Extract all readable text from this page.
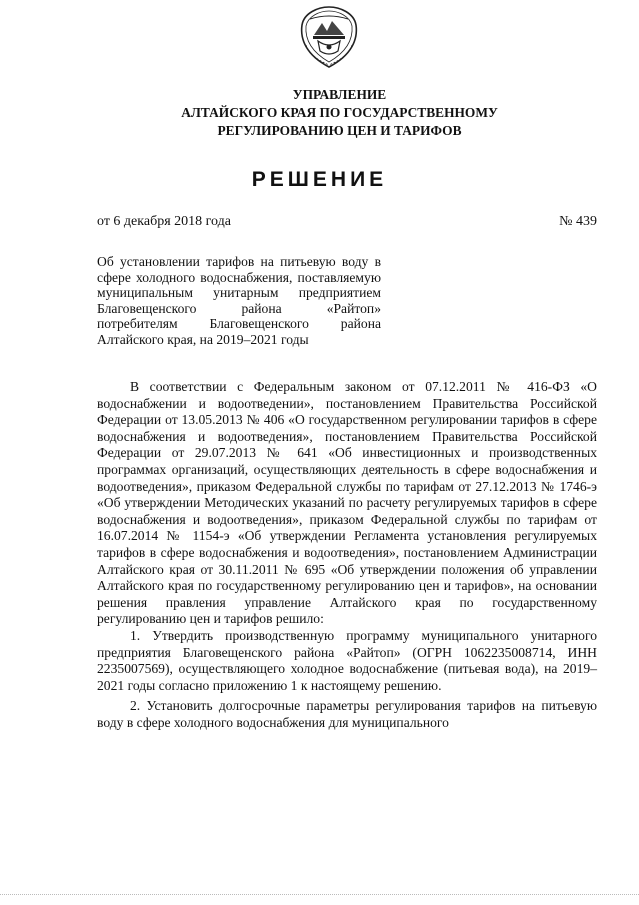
УПРАВЛЕНИЕ
АЛТАЙСКОГО КРАЯ ПО ГОСУДАРСТВЕННОМУ
РЕГУЛИРОВАНИЮ ЦЕН И ТАРИФОВ
РЕШЕНИЕ
от 6 декабря 2018 года	№ 439
Об установлении тарифов на питьевую воду в сфере холодного водоснабжения, поставляемую муниципальным унитарным предприятием Благовещенского района «Райтоп» потребителям Благовещенского района Алтайского края, на 2019–2021 годы

В соответствии с Федеральным законом от 07.12.2011 № 416-ФЗ «О водоснабжении и водоотведении», постановлением Правительства Российской Федерации от 13.05.2013 № 406 «О государственном регулировании тарифов в сфере водоснабжения и водоотведения», постановлением Правительства Российской Федерации от 29.07.2013 № 641 «Об инвестиционных и производственных программах организаций, осуществляющих деятельность в сфере водоснабжения и водоотведения», приказом Федеральной службы по тарифам от 27.12.2013 № 1746-э «Об утверждении Методических указаний по расчету регулируемых тарифов в сфере водоснабжения и водоотведения», приказом Федеральной службы по тарифам от 16.07.2014 № 1154-э «Об утверждении Регламента установления регулируемых тарифов в сфере водоснабжения и водоотведения», постановлением Администрации Алтайского края от 30.11.2011 № 695 «Об утверждении положения об управлении Алтайского края по государственному регулированию цен и тарифов», на основании решения правления управление Алтайского края по государственному регулированию цен и тарифов решило:

1. Утвердить производственную программу муниципального унитарного предприятия Благовещенского района «Райтоп» (ОГРН 1062235008714, ИНН 2235007569), осуществляющего холодное водоснабжение (питьевая вода), на 2019–2021 годы согласно приложению 1 к настоящему решению.

2. Установить долгосрочные параметры регулирования тарифов на питьевую воду в сфере холодного водоснабжения для муниципального
